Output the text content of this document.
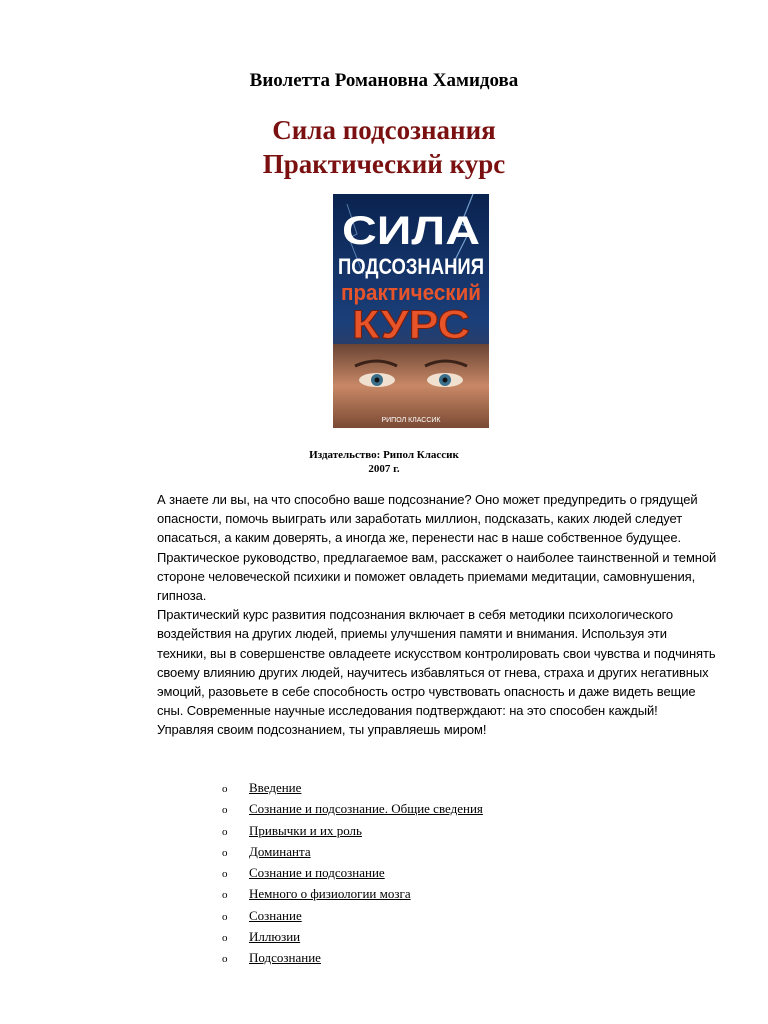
Виолетта Романовна Хамидова
Сила подсознания
Практический курс
СИЛА
ПОДСОЗНАНИЯ
практический
КУРС
РИПОЛ КЛАССИК
Издательство: Рипол Классик
2007 г.

А знаете ли вы, на что способно ваше подсознание? Оно может предупредить о грядущей опасности, помочь выиграть или заработать миллион, подсказать, каких людей следует опасаться, а каким доверять, а иногда же, перенести нас в наше собственное будущее. Практическое руководство, предлагаемое вам, расскажет о наиболее таинственной и темной стороне человеческой психики и поможет овладеть приемами медитации, самовнушения, гипноза.

Практический курс развития подсознания включает в себя методики психологического воздействия на других людей, приемы улучшения памяти и внимания. Используя эти техники, вы в совершенстве овладеете искусством контролировать свои чувства и подчинять своему влиянию других людей, научитесь избавляться от гнева, страха и других негативных эмоций, разовьете в себе способность остро чувствовать опасность и даже видеть вещие сны. Современные научные исследования подтверждают: на это способен каждый! Управляя своим подсознанием, ты управляешь миром!

o	Введение
o	Сознание и подсознание. Общие сведения
o	Привычки и их роль
o	Доминанта
o	Сознание и подсознание
o	Немного о физиологии мозга
o	Сознание
o	Иллюзии
o	Подсознание
